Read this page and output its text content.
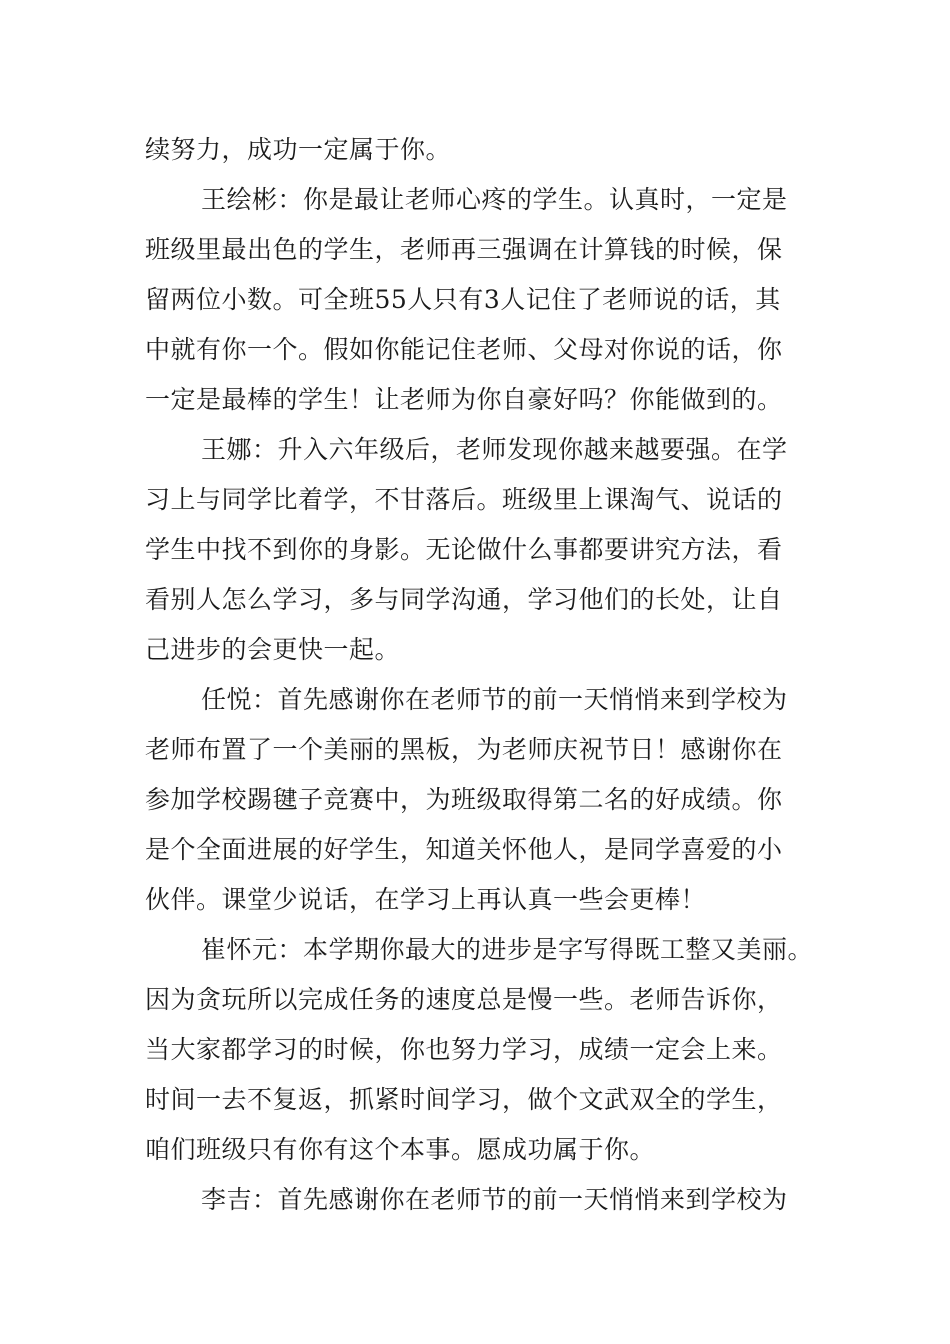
续努力，成功一定属于你。
王绘彬：你是最让老师心疼的学生。认真时，一定是
班级里最出色的学生，老师再三强调在计算钱的时候，保
留两位小数。可全班55人只有3人记住了老师说的话，其
中就有你一个。假如你能记住老师、父母对你说的话，你
一定是最棒的学生！让老师为你自豪好吗？你能做到的。
王娜：升入六年级后，老师发现你越来越要强。在学
习上与同学比着学，不甘落后。班级里上课淘气、说话的
学生中找不到你的身影。无论做什么事都要讲究方法，看
看别人怎么学习，多与同学沟通，学习他们的长处，让自
己进步的会更快一起。
任悦：首先感谢你在老师节的前一天悄悄来到学校为
老师布置了一个美丽的黑板，为老师庆祝节日！感谢你在
参加学校踢毽子竞赛中，为班级取得第二名的好成绩。你
是个全面进展的好学生，知道关怀他人，是同学喜爱的小
伙伴。课堂少说话，在学习上再认真一些会更棒！
崔怀元：本学期你最大的进步是字写得既工整又美丽。
因为贪玩所以完成任务的速度总是慢一些。老师告诉你，
当大家都学习的时候，你也努力学习，成绩一定会上来。
时间一去不复返，抓紧时间学习，做个文武双全的学生，
咱们班级只有你有这个本事。愿成功属于你。
李吉：首先感谢你在老师节的前一天悄悄来到学校为
